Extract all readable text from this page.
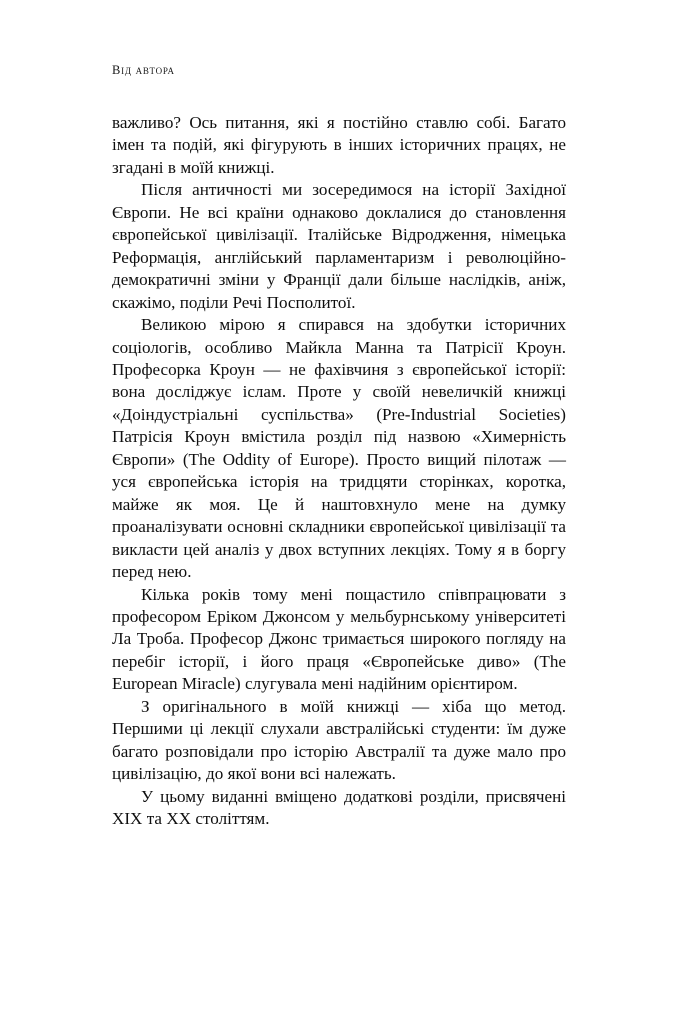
Від автора

важливо? Ось питання, які я постійно ставлю собі. Багато імен та подій, які фігурують в інших історичних працях, не згадані в моїй книжці.

Після античності ми зосередимося на історії Західної Європи. Не всі країни однаково доклалися до становлення європейської цивілізації. Італійське Відродження, німецька Реформація, англійський парламентаризм і революційно-демократичні зміни у Франції дали більше наслідків, аніж, скажімо, поділи Речі Посполитої.

Великою мірою я спирався на здобутки історичних соціологів, особливо Майкла Манна та Патрісії Кроун. Професорка Кроун — не фахівчиня з європейської історії: вона досліджує іслам. Проте у своїй невеличкій книжці «Доіндустріальні суспільства» (Pre-Industrial Societies) Патрісія Кроун вмістила розділ під назвою «Химерність Європи» (The Oddity of Europe). Просто вищий пілотаж — уся європейська історія на тридцяти сторінках, коротка, майже як моя. Це й наштовхнуло мене на думку проаналізувати основні складники європейської цивілізації та викласти цей аналіз у двох вступних лекціях. Тому я в боргу перед нею.

Кілька років тому мені пощастило співпрацювати з професором Еріком Джонсом у мельбурнському університеті Ла Троба. Професор Джонс тримається широкого погляду на перебіг історії, і його праця «Європейське диво» (The European Miracle) слугувала мені надійним орієнтиром.

З оригінального в моїй книжці — хіба що метод. Першими ці лекції слухали австралійські студенти: їм дуже багато розповідали про історію Австралії та дуже мало про цивілізацію, до якої вони всі належать.

У цьому виданні вміщено додаткові розділи, присвячені XIX та XX століттям.
